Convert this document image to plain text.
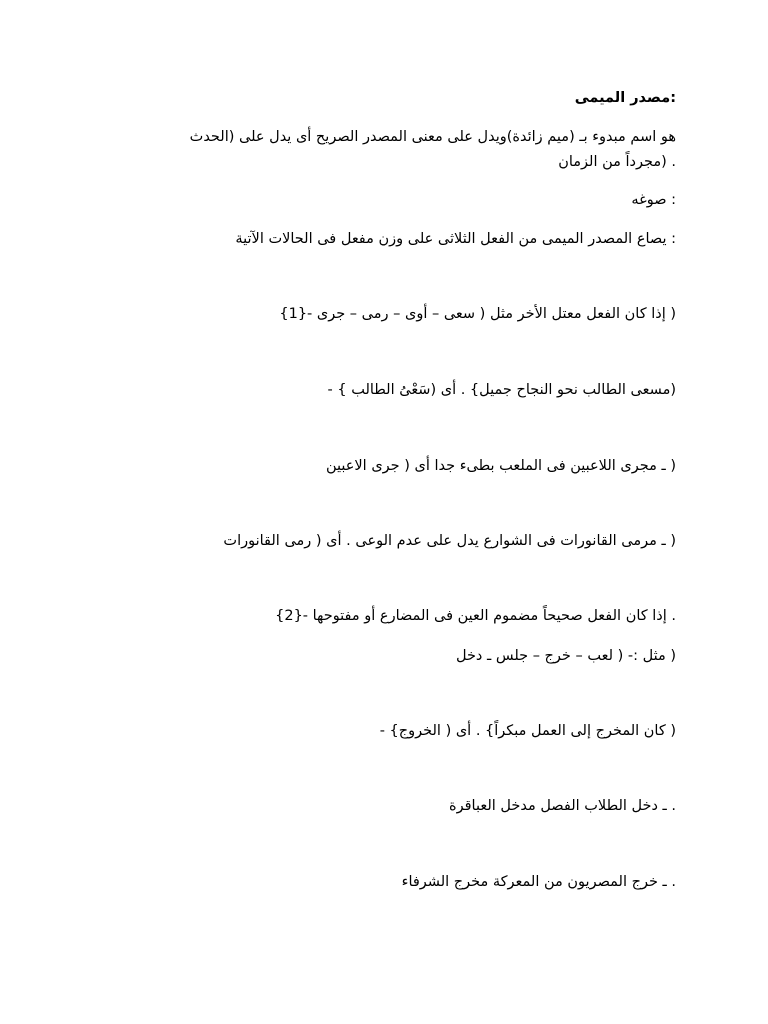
:مصدر الميمى
هو اسم مبدوء بـ (ميم زائدة)ويدل على معنى المصدر الصريح أى يدل على (الحدث
. (مجرداً من الزمان
: صوغه
: يصاع المصدر الميمى من الفعل الثلاثى على وزن مفعل فى الحالات الآتية
( إذا كان الفعل معتل الأخر مثل ( سعى – أوى – رمى – جرى -{1}
(مسعى الطالب نحو النجاح جميل} . أى (سَعْىُ الطالب } -
( ـ مجرى اللاعبين فى الملعب بطىء جدا أى ( جرى الاعبين
( ـ مرمى القانورات فى الشوارع يدل على عدم الوعى . أى ( رمى القانورات
. إذا كان الفعل صحيحاً مضموم العين فى المضارع أو مفتوحها -{2}
( مثل :- ( لعب – خرج – جلس ـ دخل
( كان المخرج إلى العمل مبكراً} . أى ( الخروج} -
. ـ دخل الطلاب الفصل مدخل العباقرة
. ـ خرج المصريون من المعركة مخرج الشرفاء
